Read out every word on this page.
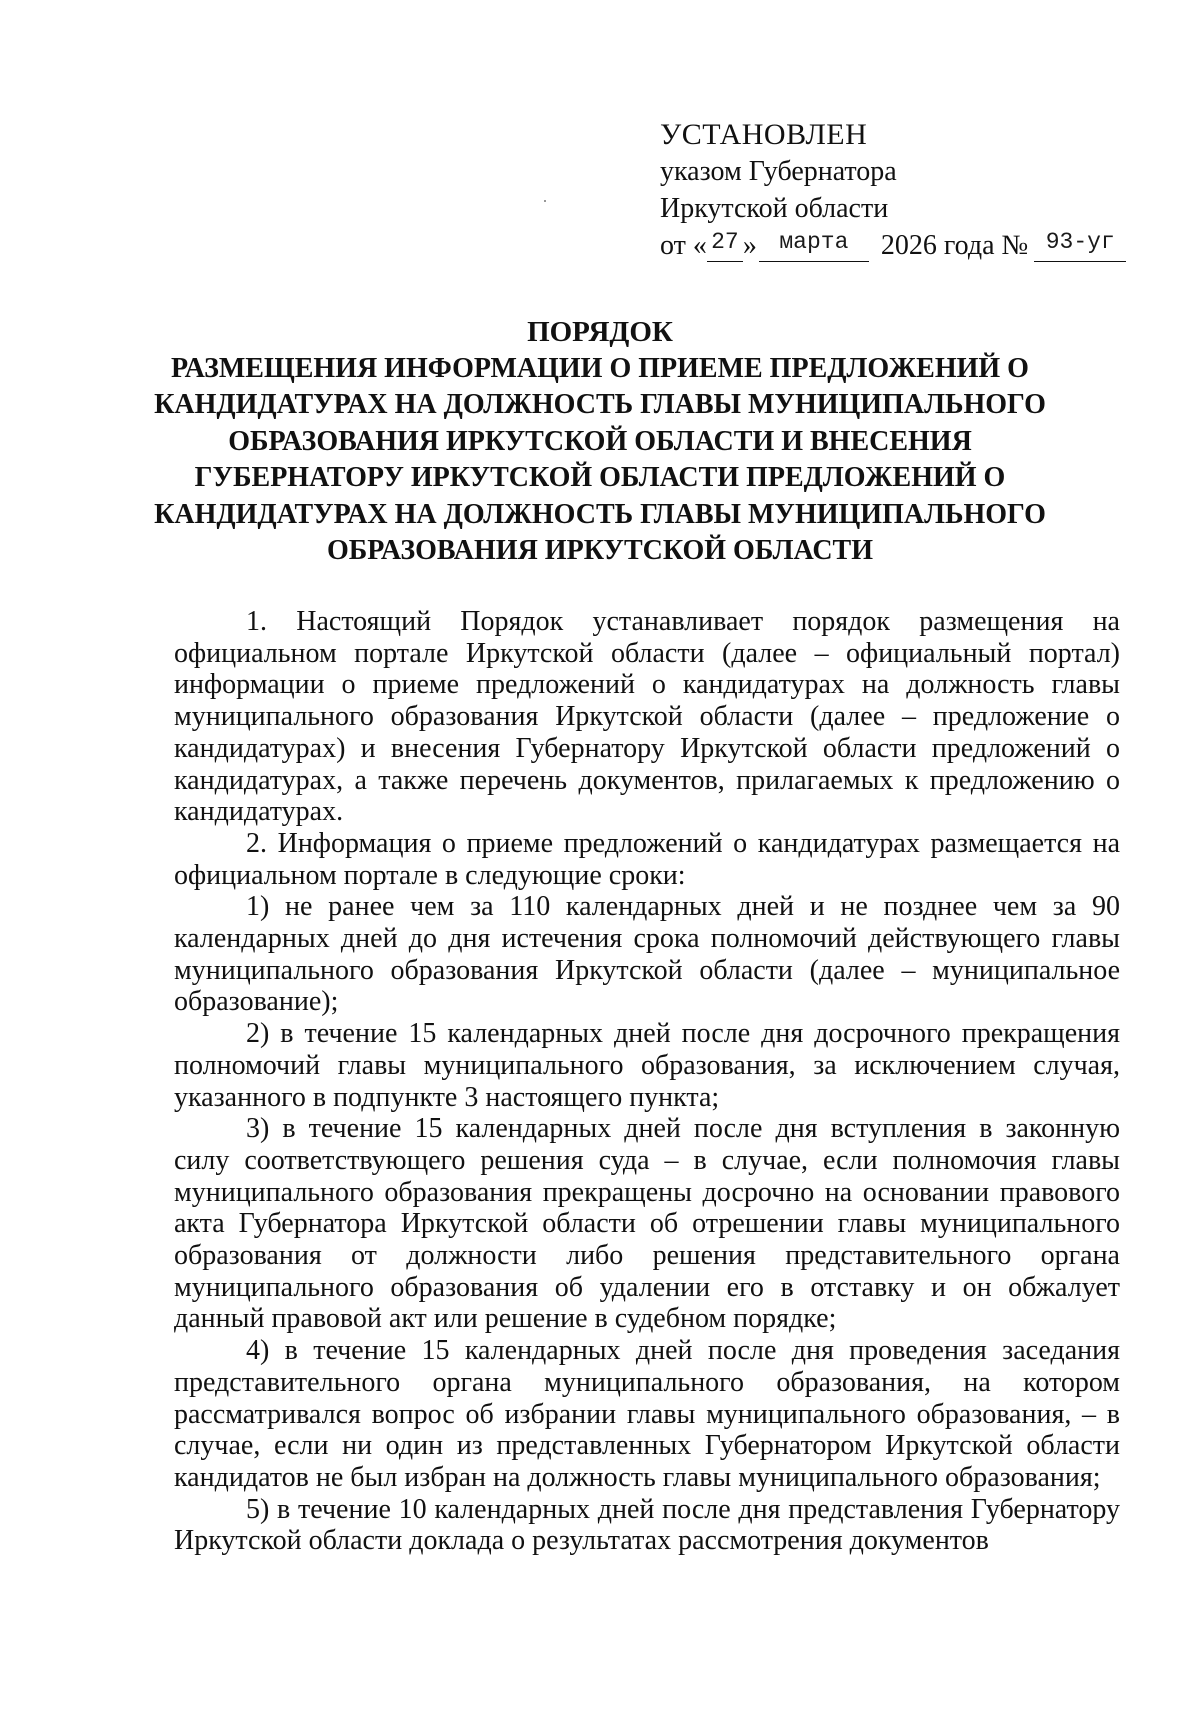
УСТАНОВЛЕН
указом Губернатора
Иркутской области
от « $^{27}$ » $^{марта}$ 2026 года № $^{93-уг}$
ПОРЯДОК
РАЗМЕЩЕНИЯ ИНФОРМАЦИИ О ПРИЕМЕ ПРЕДЛОЖЕНИЙ О КАНДИДАТУРАХ НА ДОЛЖНОСТЬ ГЛАВЫ МУНИЦИПАЛЬНОГО ОБРАЗОВАНИЯ ИРКУТСКОЙ ОБЛАСТИ И ВНЕСЕНИЯ ГУБЕРНАТОРУ ИРКУТСКОЙ ОБЛАСТИ ПРЕДЛОЖЕНИЙ О КАНДИДАТУРАХ НА ДОЛЖНОСТЬ ГЛАВЫ МУНИЦИПАЛЬНОГО ОБРАЗОВАНИЯ ИРКУТСКОЙ ОБЛАСТИ

1. Настоящий Порядок устанавливает порядок размещения на официальном портале Иркутской области (далее – официальный портал) информации о приеме предложений о кандидатурах на должность главы муниципального образования Иркутской области (далее – предложение о кандидатурах) и внесения Губернатору Иркутской области предложений о кандидатурах, а также перечень документов, прилагаемых к предложению о кандидатурах.

2. Информация о приеме предложений о кандидатурах размещается на официальном портале в следующие сроки:

1) не ранее чем за 110 календарных дней и не позднее чем за 90 календарных дней до дня истечения срока полномочий действующего главы муниципального образования Иркутской области (далее – муниципальное образование);

2) в течение 15 календарных дней после дня досрочного прекращения полномочий главы муниципального образования, за исключением случая, указанного в подпункте 3 настоящего пункта;

3) в течение 15 календарных дней после дня вступления в законную силу соответствующего решения суда – в случае, если полномочия главы муниципального образования прекращены досрочно на основании правового акта Губернатора Иркутской области об отрешении главы муниципального образования от должности либо решения представительного органа муниципального образования об удалении его в отставку и он обжалует данный правовой акт или решение в судебном порядке;

4) в течение 15 календарных дней после дня проведения заседания представительного органа муниципального образования, на котором рассматривался вопрос об избрании главы муниципального образования, – в случае, если ни один из представленных Губернатором Иркутской области кандидатов не был избран на должность главы муниципального образования;

5) в течение 10 календарных дней после дня представления Губернатору Иркутской области доклада о результатах рассмотрения документов
